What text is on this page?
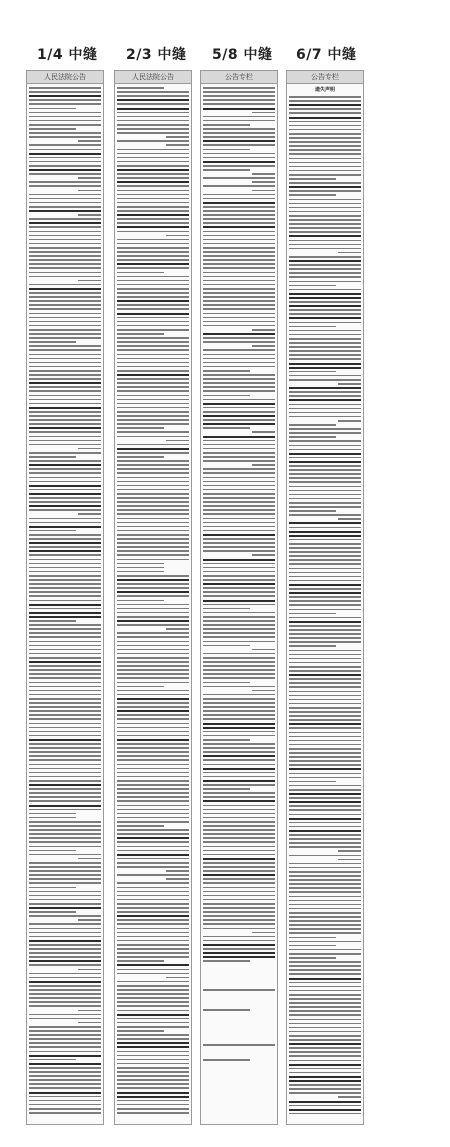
1/4 中缝 2/3 中缝 5/8 中缝 6/7 中缝
人民法院公告	人民法院公告	公告专栏	公告专栏
遗失声明
